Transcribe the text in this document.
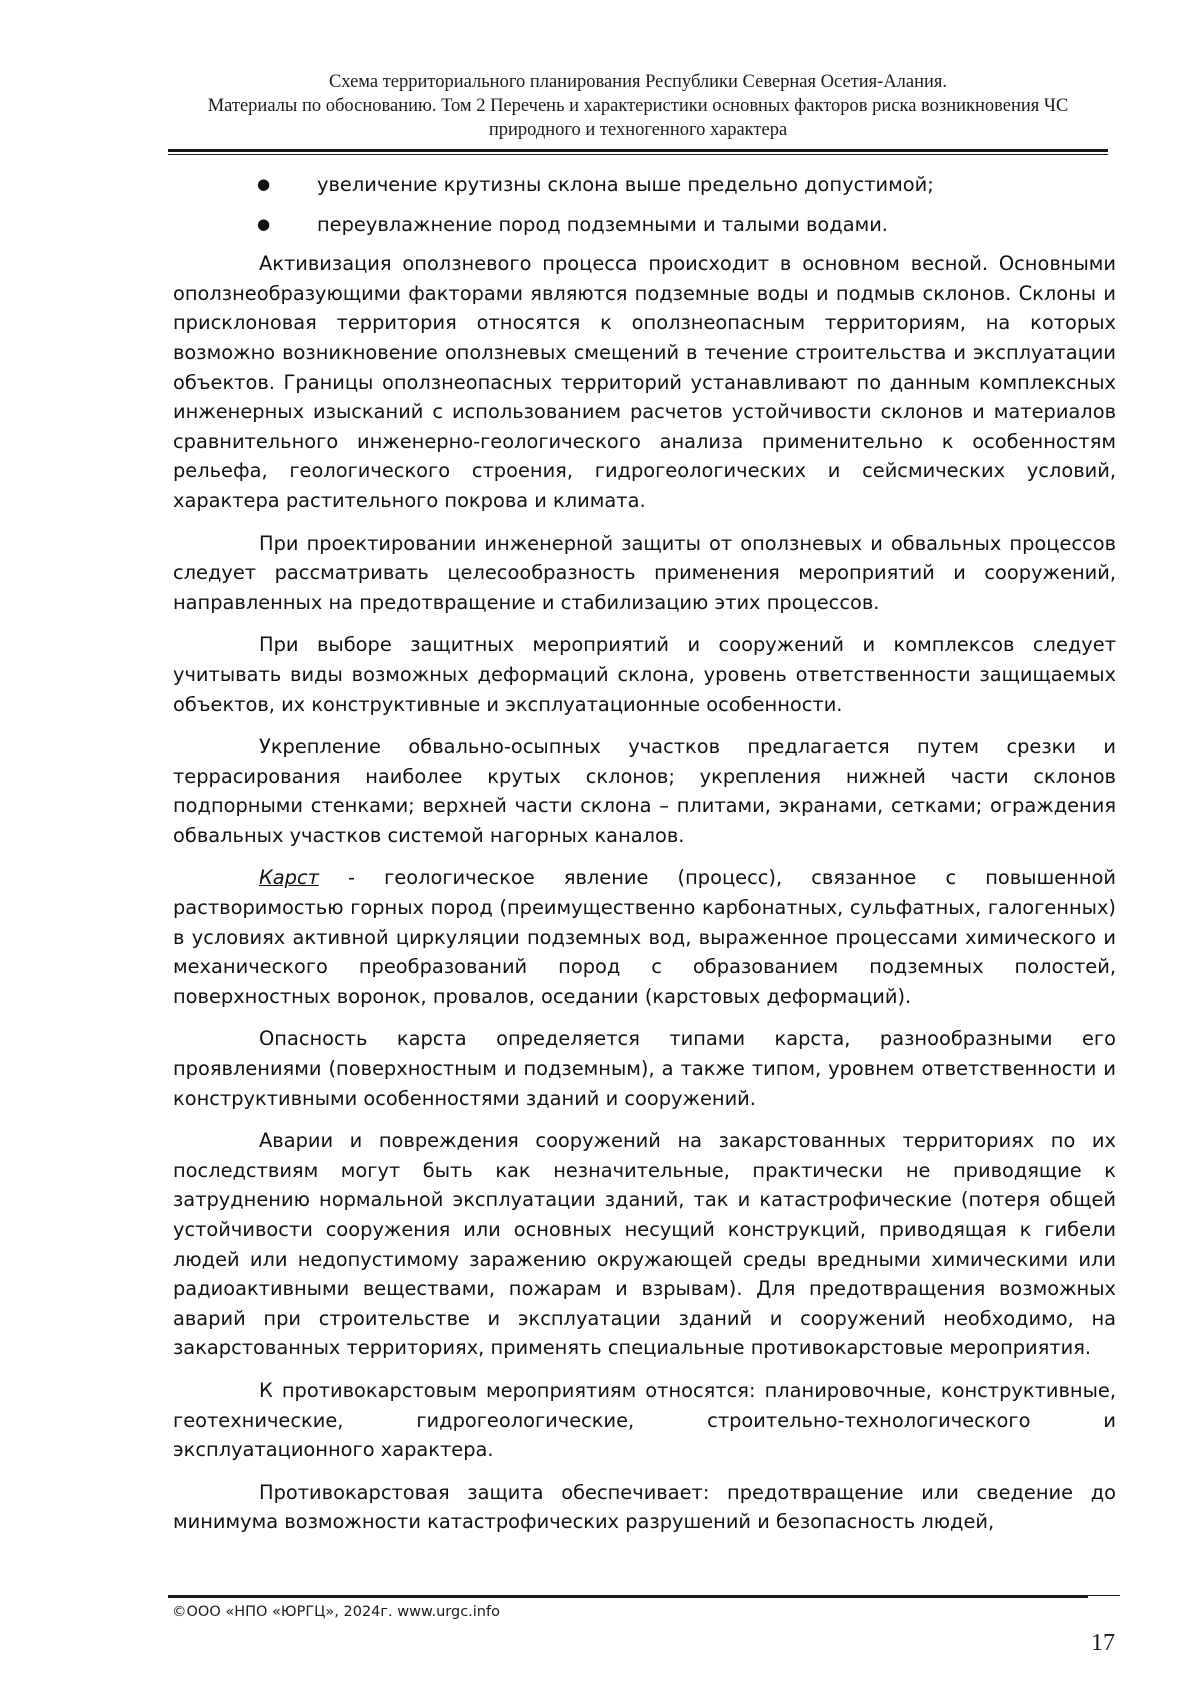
Схема территориального планирования Республики Северная Осетия-Алания.
Материалы по обоснованию. Том 2 Перечень и характеристики основных факторов риска возникновения ЧС
природного и техногенного характера
● увеличение крутизны склона выше предельно допустимой;
● переувлажнение пород подземными и талыми водами.

Активизация оползневого процесса происходит в основном весной. Основными оползнеобразующими факторами являются подземные воды и подмыв склонов. Склоны и присклоновая территория относятся к оползнеопасным территориям, на которых возможно возникновение оползневых смещений в течение строительства и эксплуатации объектов. Границы оползнеопасных территорий устанавливают по данным комплексных инженерных изысканий с использованием расчетов устойчивости склонов и материалов сравнительного инженерно-геологического анализа применительно к особенностям рельефа, геологического строения, гидрогеологических и сейсмических условий, характера растительного покрова и климата.

При проектировании инженерной защиты от оползневых и обвальных процессов следует рассматривать целесообразность применения мероприятий и сооружений, направленных на предотвращение и стабилизацию этих процессов.

При выборе защитных мероприятий и сооружений и комплексов следует учитывать виды возможных деформаций склона, уровень ответственности защищаемых объектов, их конструктивные и эксплуатационные особенности.

Укрепление обвально-осыпных участков предлагается путем срезки и террасирования наиболее крутых склонов; укрепления нижней части склонов подпорными стенками; верхней части склона – плитами, экранами, сетками; ограждения обвальных участков системой нагорных каналов.

Карст - геологическое явление (процесс), связанное с повышенной растворимостью горных пород (преимущественно карбонатных, сульфатных, галогенных) в условиях активной циркуляции подземных вод, выраженное процессами химического и механического преобразований пород с образованием подземных полостей, поверхностных воронок, провалов, оседании (карстовых деформаций).

Опасность карста определяется типами карста, разнообразными его проявлениями (поверхностным и подземным), а также типом, уровнем ответственности и конструктивными особенностями зданий и сооружений.

Аварии и повреждения сооружений на закарстованных территориях по их последствиям могут быть как незначительные, практически не приводящие к затруднению нормальной эксплуатации зданий, так и катастрофические (потеря общей устойчивости сооружения или основных несущий конструкций, приводящая к гибели людей или недопустимому заражению окружающей среды вредными химическими или радиоактивными веществами, пожарам и взрывам). Для предотвращения возможных аварий при строительстве и эксплуатации зданий и сооружений необходимо, на закарстованных территориях, применять специальные противокарстовые мероприятия.

К противокарстовым мероприятиям относятся: планировочные, конструктивные, геотехнические, гидрогеологические, строительно-технологического и эксплуатационного характера.

Противокарстовая защита обеспечивает: предотвращение или сведение до минимума возможности катастрофических разрушений и безопасность людей,

©ООО «НПО «ЮРГЦ», 2024г. www.urgc.info
17
